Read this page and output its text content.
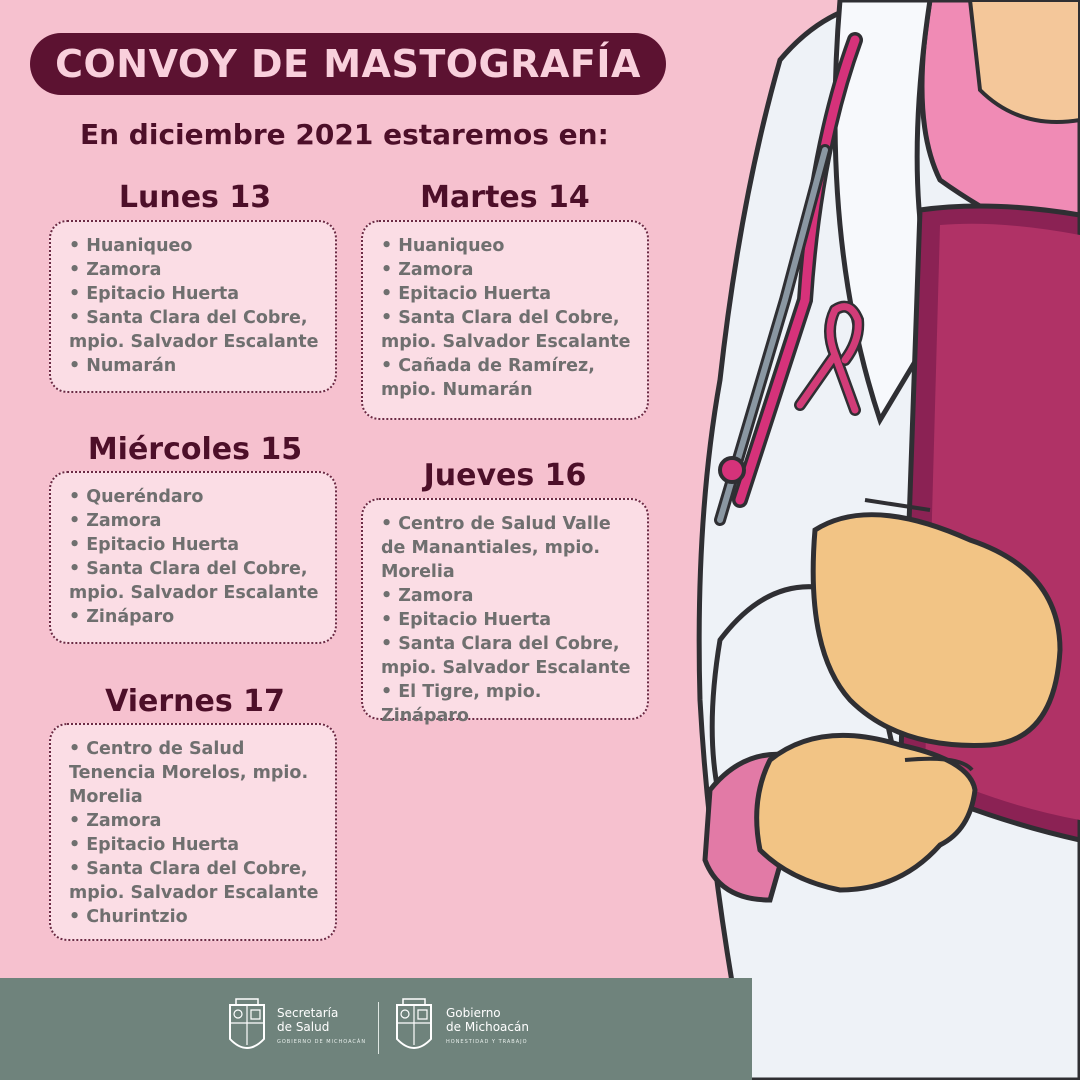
CONVOY DE MASTOGRAFÍA
En diciembre 2021 estaremos en:
Lunes 13
• Huaniqueo
• Zamora
• Epitacio Huerta
• Santa Clara del Cobre, mpio. Salvador Escalante
• Numarán
Martes 14
• Huaniqueo
• Zamora
• Epitacio Huerta
• Santa Clara del Cobre, mpio. Salvador Escalante
• Cañada de Ramírez, mpio. Numarán
Miércoles 15
• Queréndaro
• Zamora
• Epitacio Huerta
• Santa Clara del Cobre, mpio. Salvador Escalante
• Zináparo
Jueves 16
• Centro de Salud Valle de Manantiales, mpio. Morelia
• Zamora
• Epitacio Huerta
• Santa Clara del Cobre, mpio. Salvador Escalante
• El Tigre, mpio. Zináparo
Viernes 17
• Centro de Salud Tenencia Morelos, mpio. Morelia
• Zamora
• Epitacio Huerta
• Santa Clara del Cobre, mpio. Salvador Escalante
• Churintzio
Secretaría
de Salud
GOBIERNO DE MICHOACÁN
Gobierno
de Michoacán
HONESTIDAD Y TRABAJO
